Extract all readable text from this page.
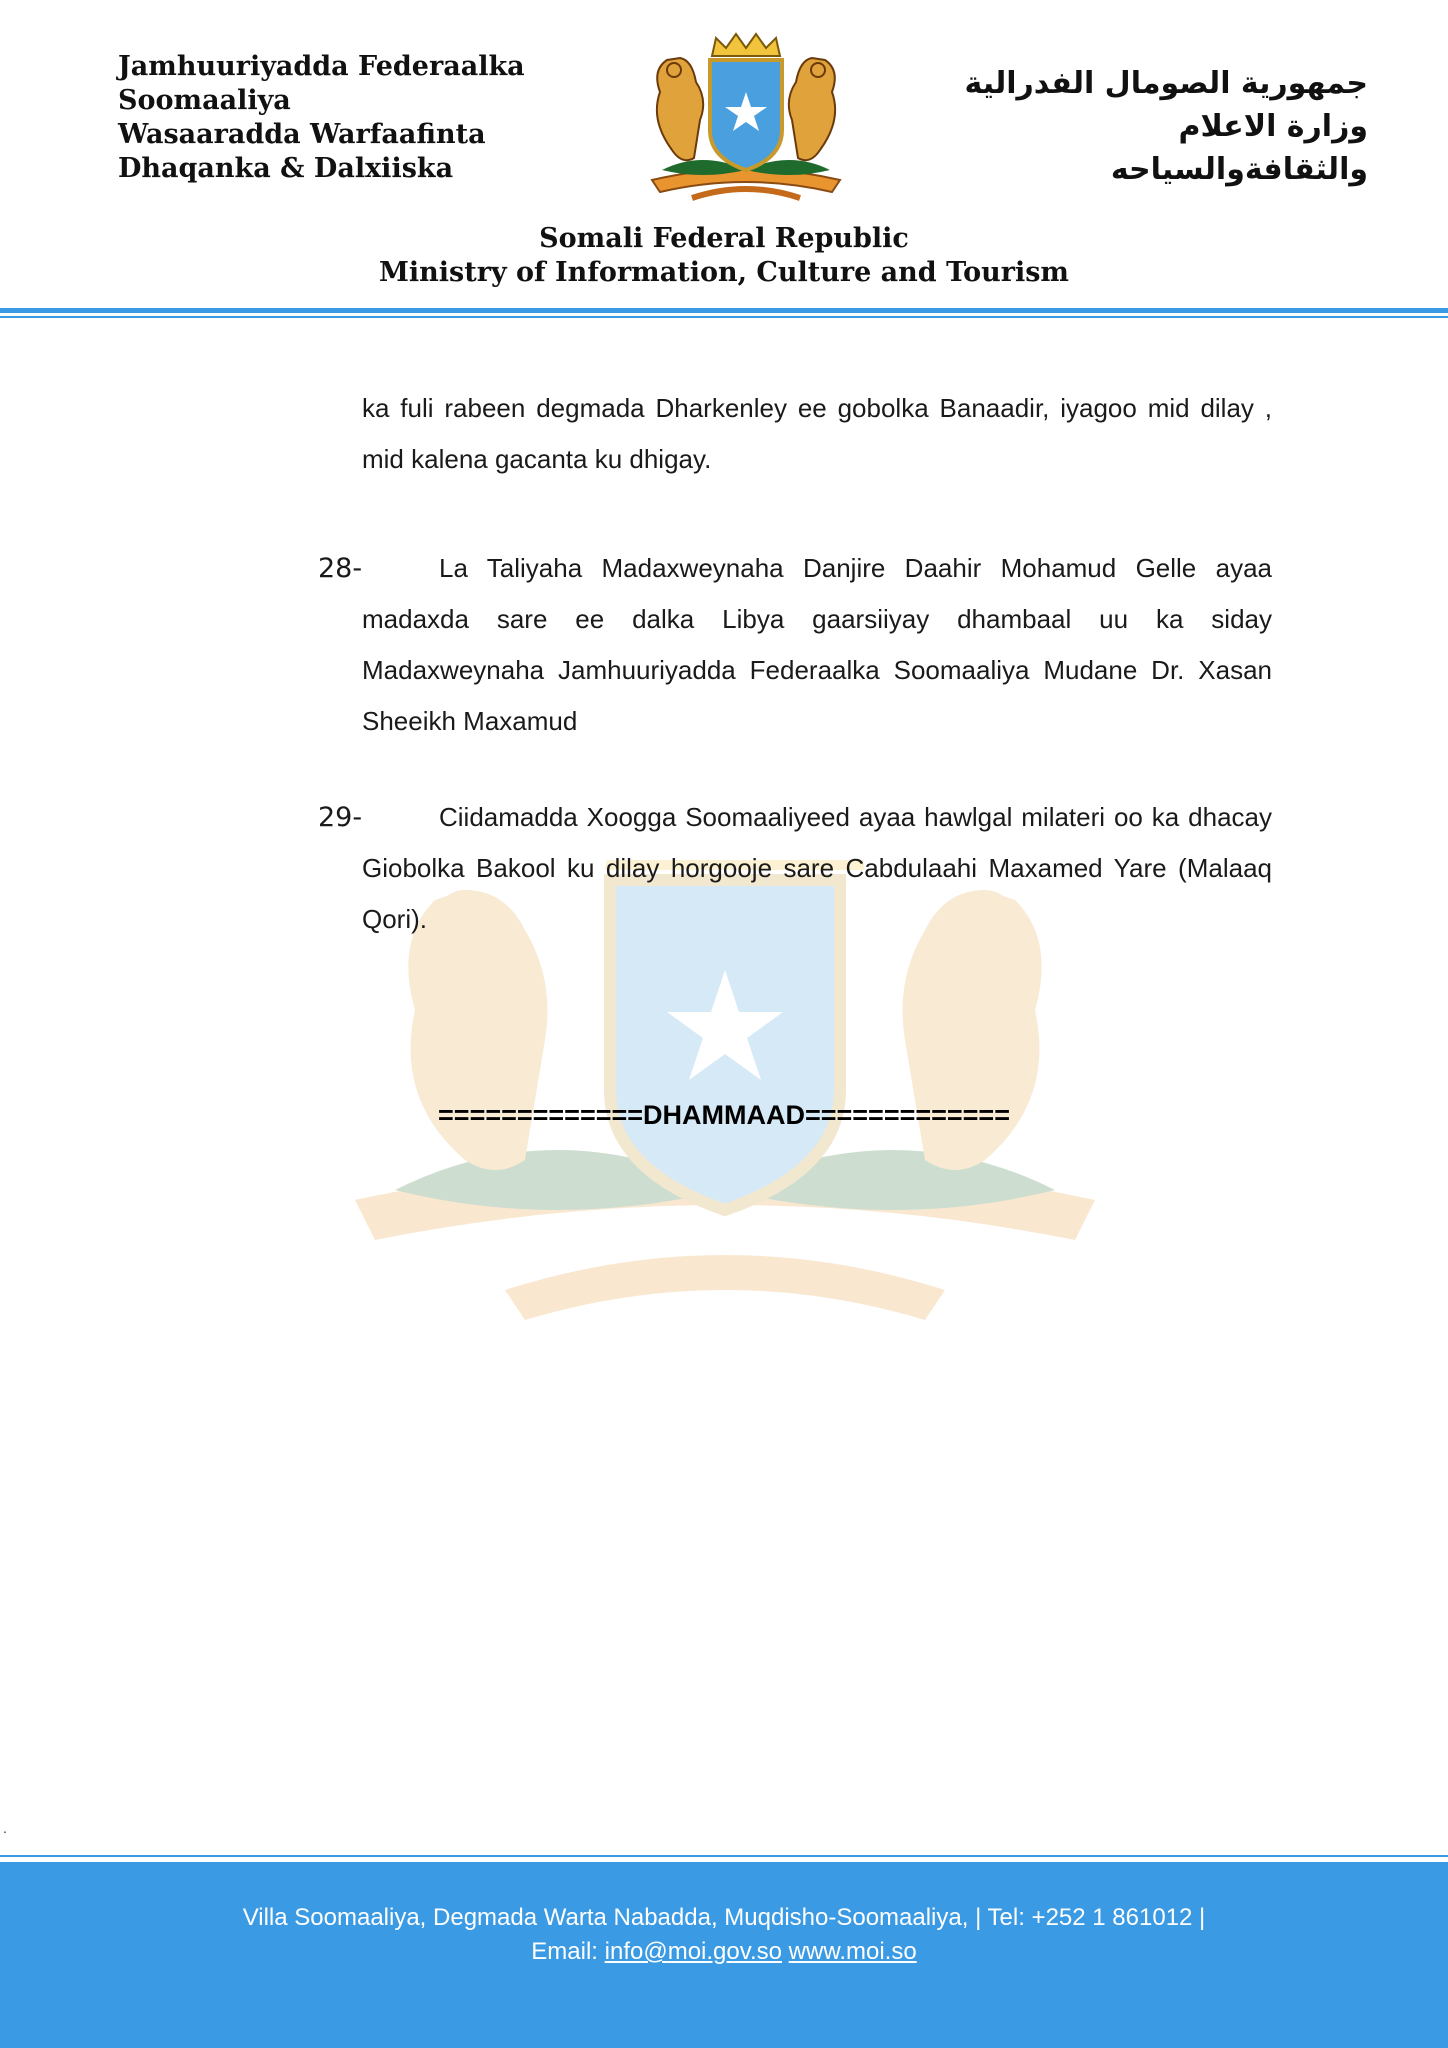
Jamhuuriyadda Federaalka
Soomaaliya
Wasaaradda Warfaafinta
Dhaqanka & Dalxiiska
جمهورية الصومال الفدرالية
وزارة الاعلام
والثقافةوالسياحه
Somali Federal Republic
Ministry of Information, Culture and Tourism
ka fuli rabeen degmada Dharkenley ee gobolka Banaadir, iyagoo mid dilay , mid kalena gacanta ku dhigay.
28-	La Taliyaha Madaxweynaha Danjire Daahir Mohamud Gelle ayaa madaxda sare ee dalka Libya gaarsiiyay dhambaal uu ka siday Madaxweynaha Jamhuuriyadda Federaalka Soomaaliya Mudane Dr. Xasan Sheeikh Maxamud
29-	Ciidamadda Xoogga Soomaaliyeed ayaa hawlgal milateri oo ka dhacay Giobolka Bakool ku dilay horgooje sare Cabdulaahi Maxamed Yare (Malaaq Qori).
=============DHAMMAAD=============
.
Villa Soomaaliya, Degmada Warta Nabadda, Muqdisho-Soomaaliya, | Tel: +252 1 861012 |
Email: info@moi.gov.so www.moi.so
